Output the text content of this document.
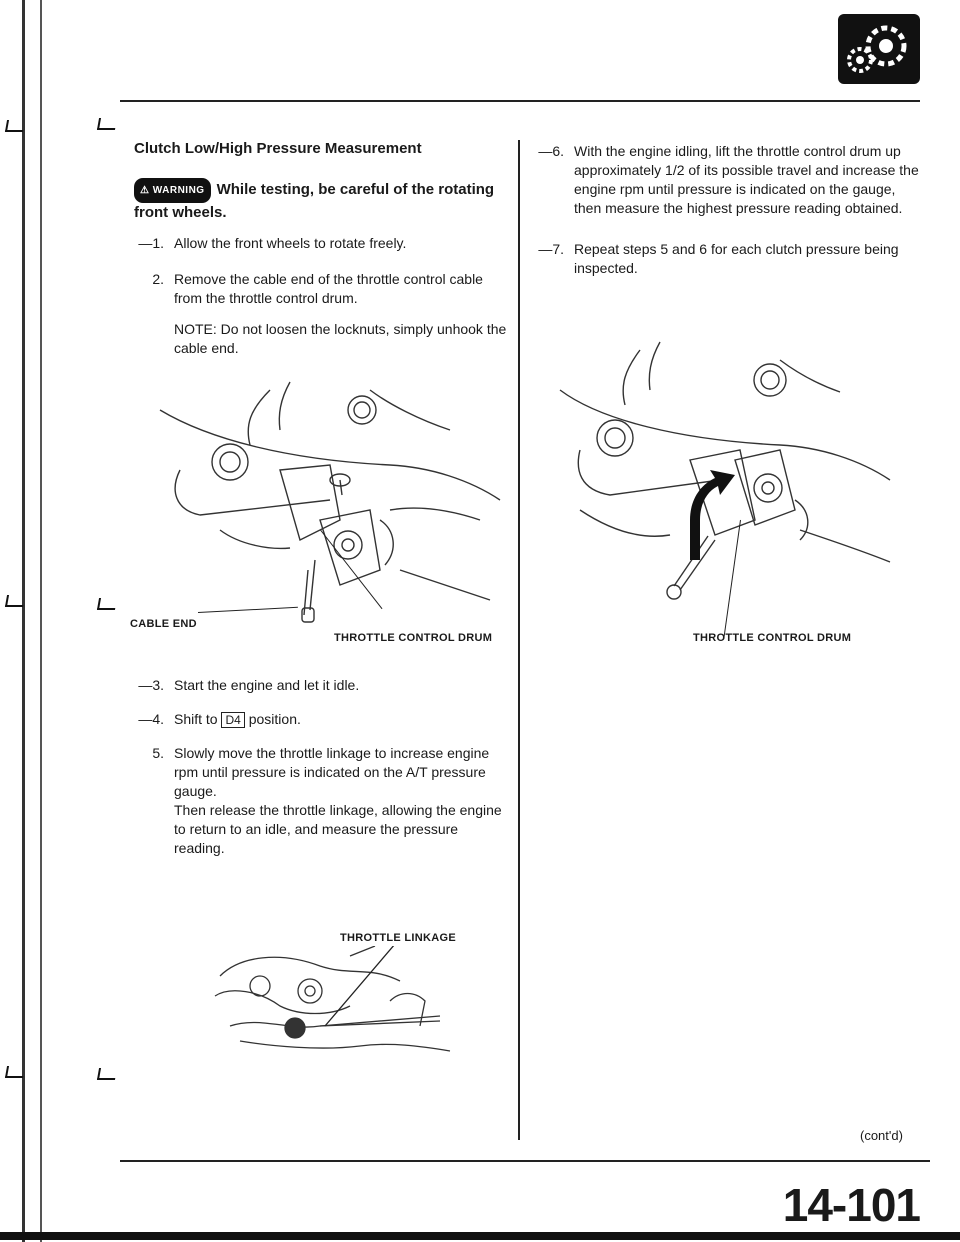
Clutch Low/High Pressure Measurement
⚠ WARNING While testing, be careful of the rotating front wheels.
—1. Allow the front wheels to rotate freely.
2. Remove the cable end of the throttle control cable from the throttle control drum.
NOTE: Do not loosen the locknuts, simply unhook the cable end.
CABLE END
THROTTLE CONTROL DRUM
—3. Start the engine and let it idle.
—4. Shift to D4 position.
5. Slowly move the throttle linkage to increase engine rpm until pressure is indicated on the A/T pressure gauge.
Then release the throttle linkage, allowing the engine to return to an idle, and measure the pressure reading.
THROTTLE LINKAGE
—6. With the engine idling, lift the throttle control drum up approximately 1/2 of its possible travel and increase the engine rpm until pressure is indicated on the gauge, then measure the highest pressure reading obtained.
—7. Repeat steps 5 and 6 for each clutch pressure being inspected.
THROTTLE CONTROL DRUM
(cont'd)
14-101
